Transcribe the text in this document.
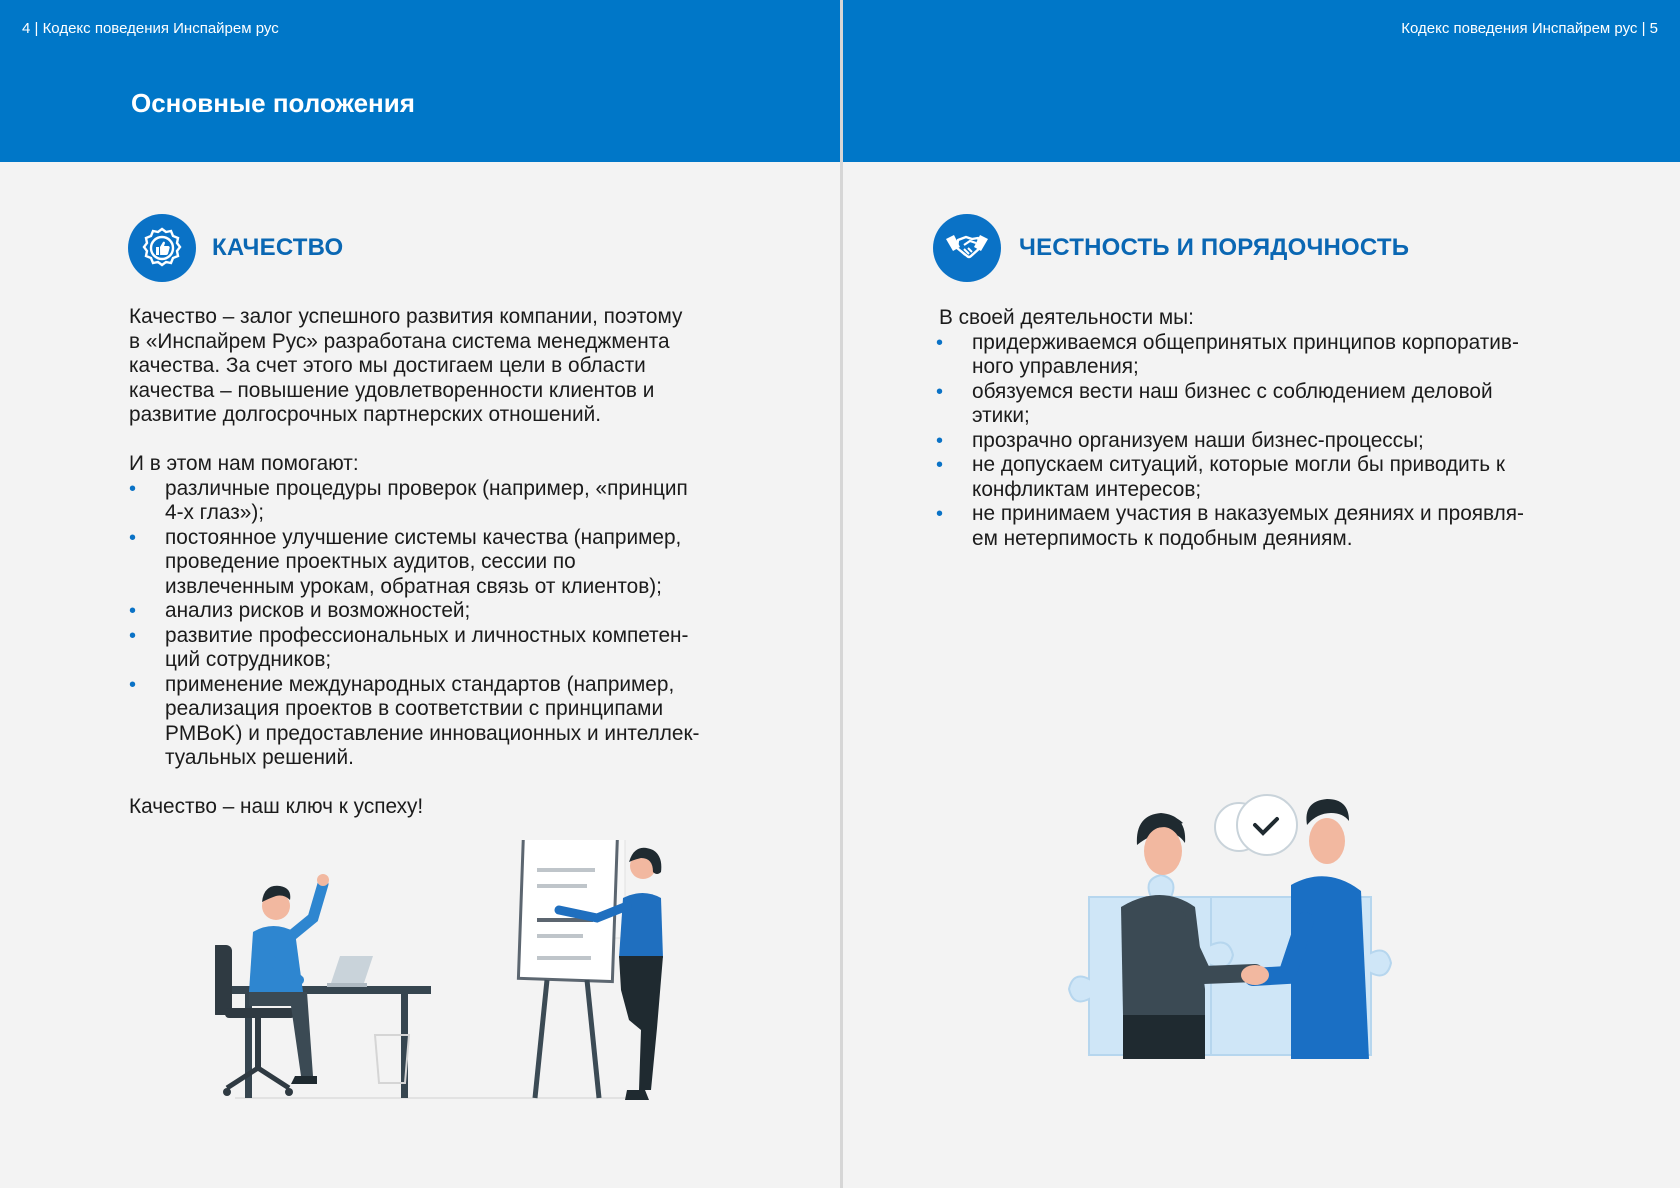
4 | Кодекс поведения Инспайрем рус
Основные положения
КАЧЕСТВО

Качество – залог успешного развития компании, поэтому

в «Инспайрем Рус» разработана система менеджмента

качества. За счет этого мы достигаем цели в области

качества – повышение удовлетворенности клиентов и

развитие долгосрочных партнерских отношений.

И в этом нам помогают:

• различные процедуры проверок (например, «принцип
4-х глаз»);
• постоянное улучшение системы качества (например,
проведение проектных аудитов, сессии по
извлеченным урокам, обратная связь от клиентов);
• анализ рисков и возможностей;
• развитие профессиональных и личностных компетен-
ций сотрудников;
• применение международных стандартов (например,
реализация проектов в соответствии с принципами
PMBoK) и предоставление инновационных и интеллек-
туальных решений.

Качество – наш ключ к успеху!

Кодекс поведения Инспайрем рус | 5
ЧЕСТНОСТЬ И ПОРЯДОЧНОСТЬ

В своей деятельности мы:

• придерживаемся общепринятых принципов корпоратив-
ного управления;
• обязуемся вести наш бизнес с соблюдением деловой
этики;
• прозрачно организуем наши бизнес-процессы;
• не допускаем ситуаций, которые могли бы приводить к
конфликтам интересов;
• не принимаем участия в наказуемых деяниях и проявля-
ем нетерпимость к подобным деяниям.
